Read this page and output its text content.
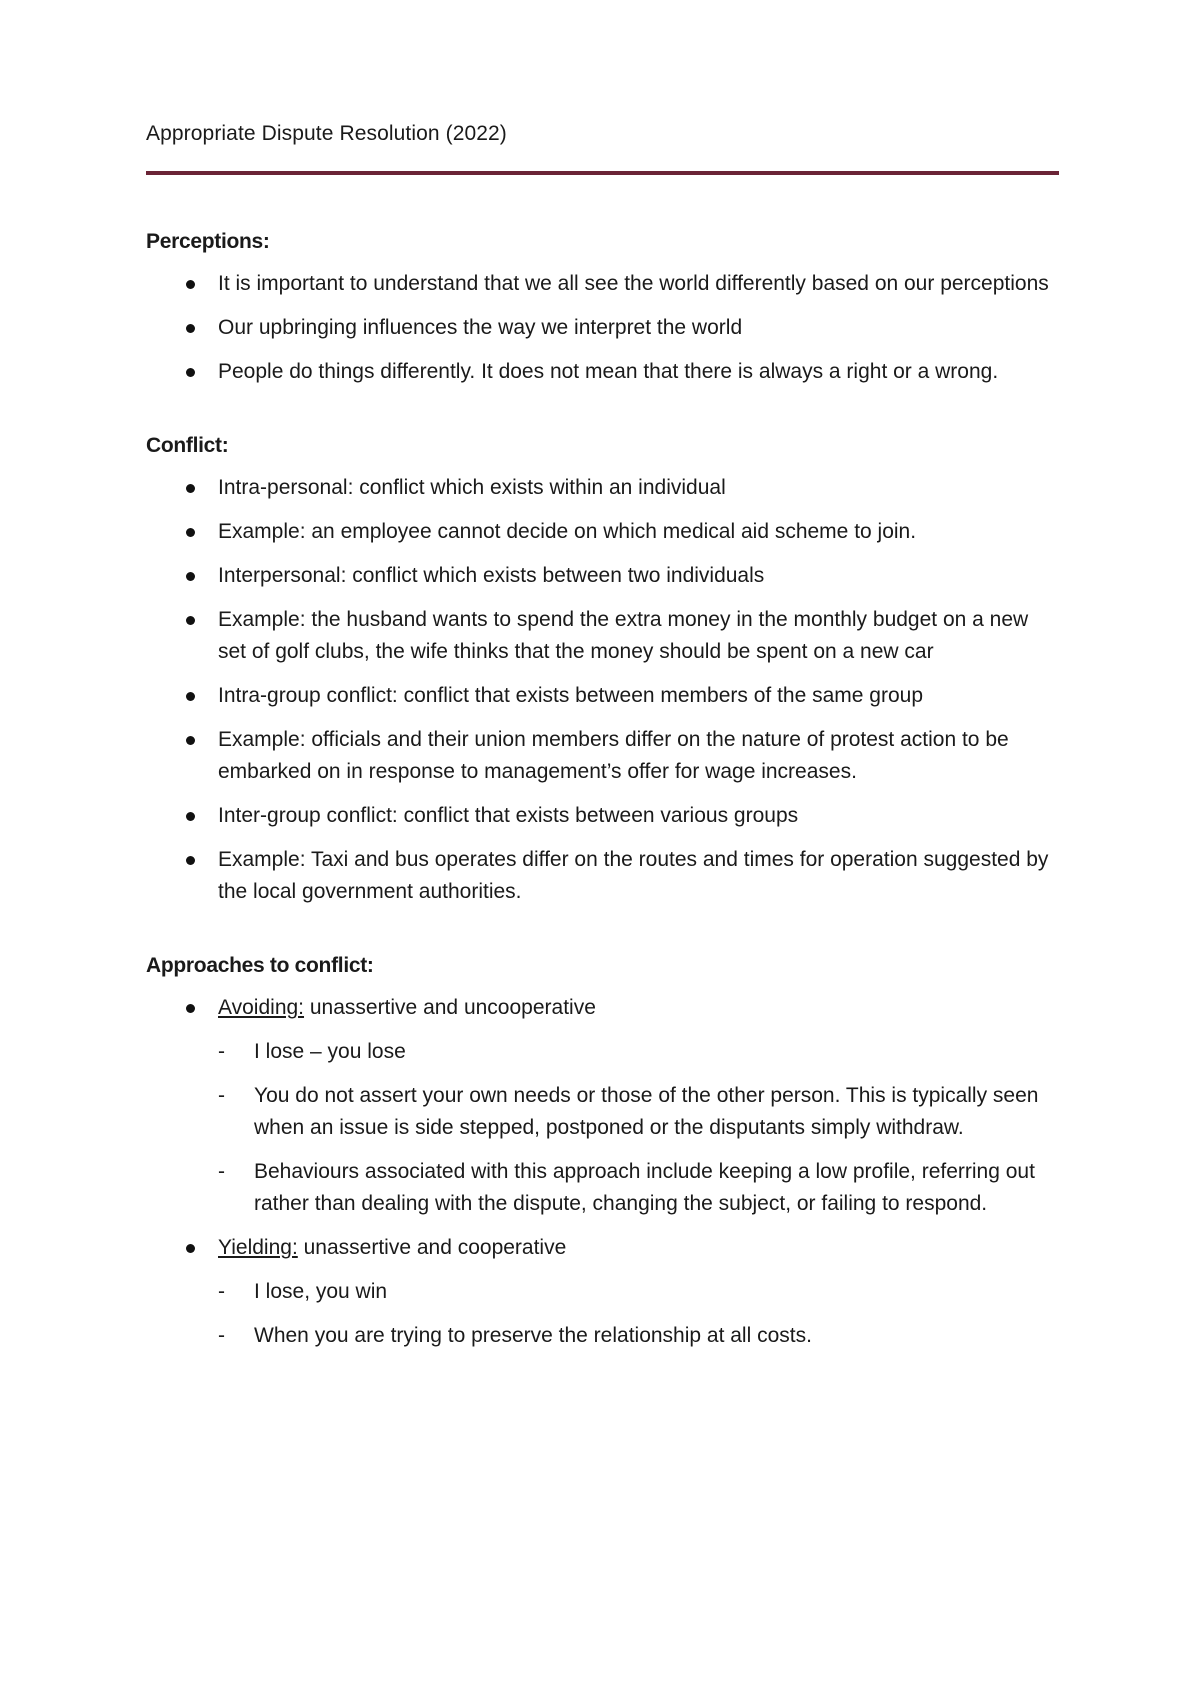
Appropriate Dispute Resolution (2022)
Perceptions:
It is important to understand that we all see the world differently based on our perceptions
Our upbringing influences the way we interpret the world
People do things differently. It does not mean that there is always a right or a wrong.
Conflict:
Intra-personal: conflict which exists within an individual
Example: an employee cannot decide on which medical aid scheme to join.
Interpersonal: conflict which exists between two individuals
Example: the husband wants to spend the extra money in the monthly budget on a new set of golf clubs, the wife thinks that the money should be spent on a new car
Intra-group conflict: conflict that exists between members of the same group
Example: officials and their union members differ on the nature of protest action to be embarked on in response to management’s offer for wage increases.
Inter-group conflict: conflict that exists between various groups
Example: Taxi and bus operates differ on the routes and times for operation suggested by the local government authorities.
Approaches to conflict:
Avoiding: unassertive and uncooperative
- I lose – you lose
- You do not assert your own needs or those of the other person. This is typically seen when an issue is side stepped, postponed or the disputants simply withdraw.
- Behaviours associated with this approach include keeping a low profile, referring out rather than dealing with the dispute, changing the subject, or failing to respond.
Yielding: unassertive and cooperative
- I lose, you win
- When you are trying to preserve the relationship at all costs.
